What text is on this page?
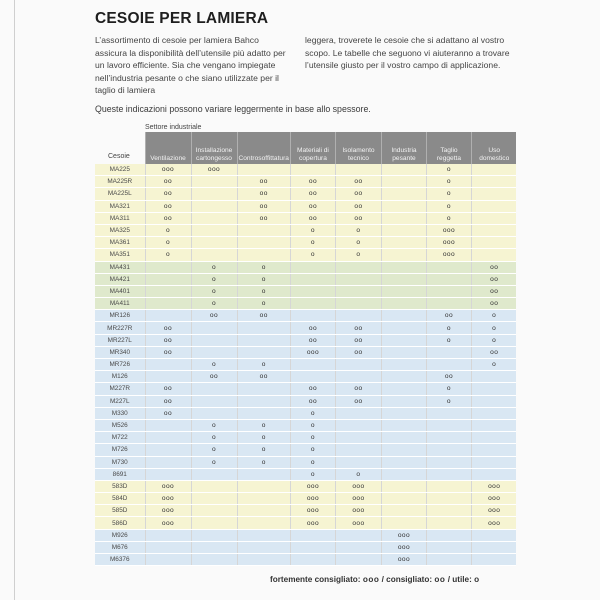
CESOIE PER LAMIERA
L’assortimento di cesoie per lamiera Bahco assicura la disponibilità dell’utensile più adatto per un lavoro efficiente. Sia che vengano impiegate nell’industria pesante o che siano utilizzate per il taglio di lamiera
leggera, troverete le cesoie che si adattano al vostro scopo. Le tabelle che seguono vi aiuteranno a trovare l’utensile giusto per il vostro campo di applicazione.
Queste indicazioni possono variare leggermente in base allo spessore.
	Ventilazione	Installazione cartongesso	Controsoffittatura	Materiali di copertura	Isolamento tecnico	Industria pesante	Taglio reggetta	Uso domestico
MA225	ooo	ooo					o	
MA225R	oo		oo	oo	oo		o	
MA225L	oo		oo	oo	oo		o	
MA321	oo		oo	oo	oo		o	
MA311	oo		oo	oo	oo		o	
MA325	o			o	o		ooo	
MA361	o			o	o		ooo	
MA351	o			o	o		ooo	
MA431		o	o					oo
MA421		o	o					oo
MA401		o	o					oo
MA411		o	o					oo
MR126		oo	oo				oo	o
MR227R	oo			oo	oo		o	o
MR227L	oo			oo	oo		o	o
MR340	oo			ooo	oo			oo
MR726		o	o					o
M126		oo	oo				oo	
M227R	oo			oo	oo		o	
M227L	oo			oo	oo		o	
M330	oo			o				
M526		o	o	o				
M722		o	o	o				
M726		o	o	o				
M730		o	o	o				
8691				o	o			
583D	ooo			ooo	ooo			ooo
584D	ooo			ooo	ooo			ooo
585D	ooo			ooo	ooo			ooo
586D	ooo			ooo	ooo			ooo
M926						ooo		
M676						ooo		
M6376						ooo		
Settore industriale
Cesoie
fortemente consigliato: ooo / consigliato: oo / utile: o
